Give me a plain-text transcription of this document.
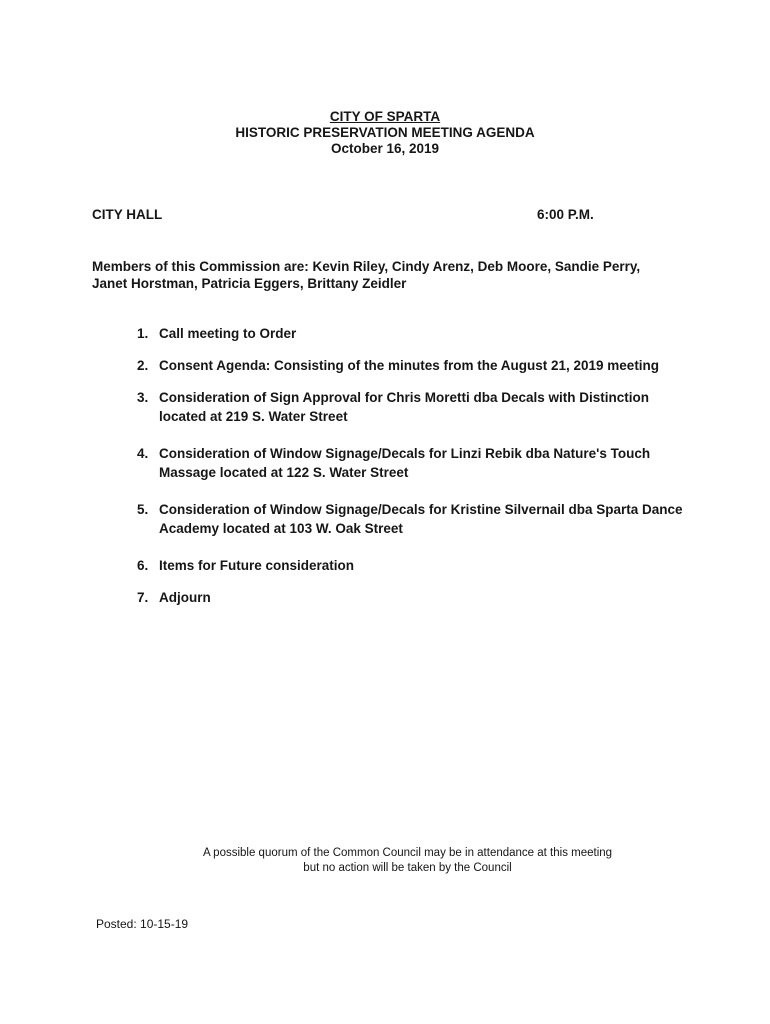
CITY OF SPARTA
HISTORIC PRESERVATION MEETING AGENDA
October 16, 2019
CITY HALL	6:00 P.M.
Members of this Commission are: Kevin Riley, Cindy Arenz, Deb Moore, Sandie Perry,
Janet Horstman, Patricia Eggers, Brittany Zeidler
1. Call meeting to Order
2. Consent Agenda: Consisting of the minutes from the August 21, 2019 meeting
3. Consideration of Sign Approval for Chris Moretti dba Decals with Distinction located at 219 S. Water Street
4. Consideration of Window Signage/Decals for Linzi Rebik dba Nature's Touch Massage located at 122 S. Water Street
5. Consideration of Window Signage/Decals for Kristine Silvernail dba Sparta Dance Academy located at 103 W. Oak Street
6. Items for Future consideration
7. Adjourn
A possible quorum of the Common Council may be in attendance at this meeting
but no action will be taken by the Council
Posted: 10-15-19
